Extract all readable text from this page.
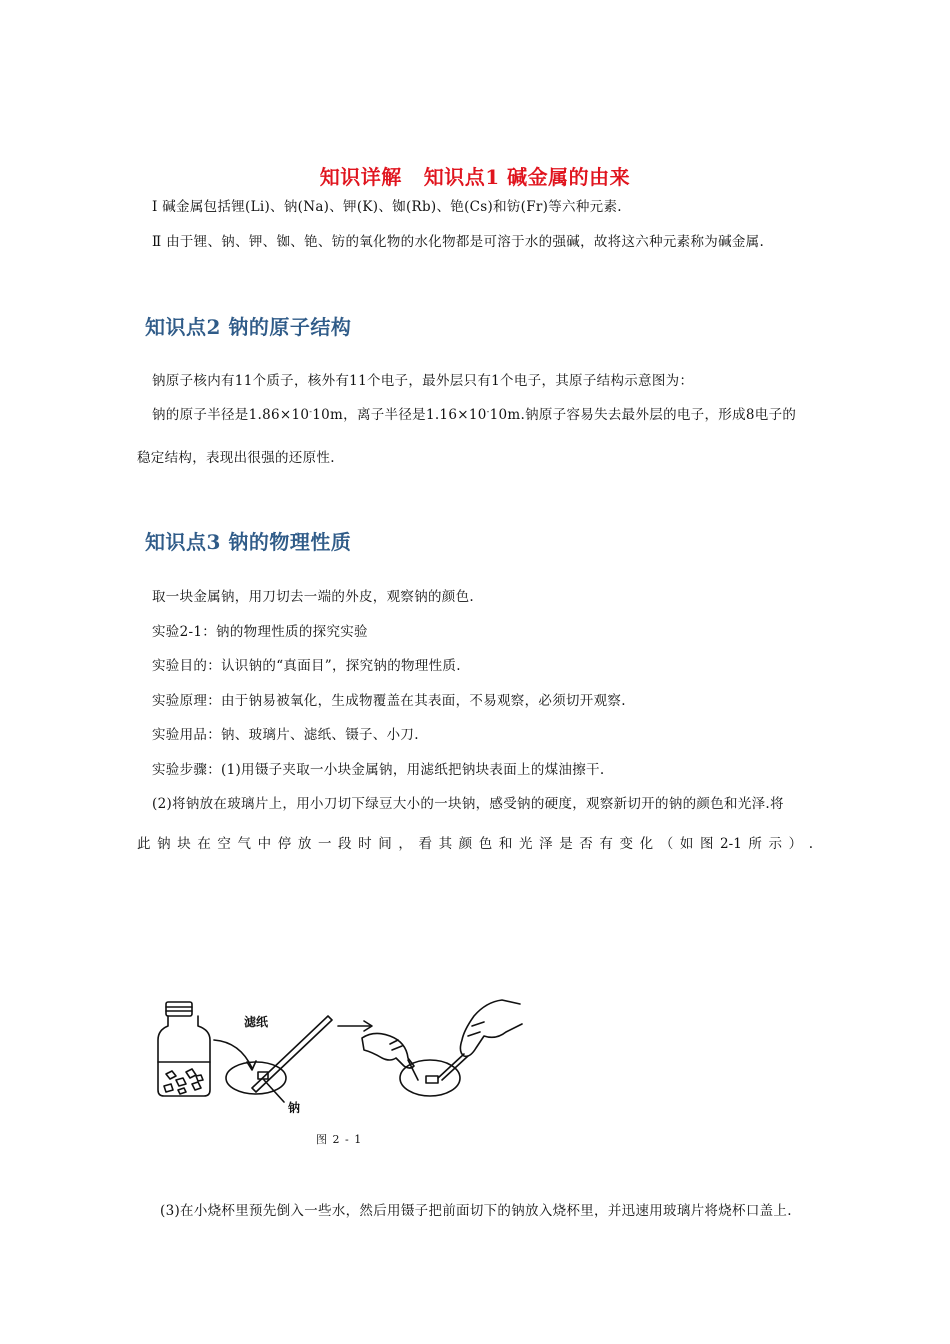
知识详解 知识点1 碱金属的由来
Ⅰ 碱金属包括锂(Li)、钠(Na)、钾(K)、铷(Rb)、铯(Cs)和钫(Fr)等六种元素.
Ⅱ 由于锂、钠、钾、铷、铯、钫的氧化物的水化物都是可溶于水的强碱，故将这六种元素称为碱金属.
知识点2 钠的原子结构
钠原子核内有11个质子，核外有11个电子，最外层只有1个电子，其原子结构示意图为：
钠的原子半径是1.86×10-10m，离子半径是1.16×10-10m.钠原子容易失去最外层的电子，形成8电子的
稳定结构，表现出很强的还原性.
知识点3 钠的物理性质
取一块金属钠，用刀切去一端的外皮，观察钠的颜色.
实验2-1：钠的物理性质的探究实验
实验目的：认识钠的“真面目”，探究钠的物理性质.
实验原理：由于钠易被氧化，生成物覆盖在其表面，不易观察，必须切开观察.
实验用品：钠、玻璃片、滤纸、镊子、小刀.
实验步骤：(1)用镊子夹取一小块金属钠，用滤纸把钠块表面上的煤油擦干.
(2)将钠放在玻璃片上，用小刀切下绿豆大小的一块钠，感受钠的硬度，观察新切开的钠的颜色和光泽.将
此钠块在空气中停放一段时间，看其颜色和光泽是否有变化（如图2-1所示）.
滤纸
钠
图 2 - 1
(3)在小烧杯里预先倒入一些水，然后用镊子把前面切下的钠放入烧杯里，并迅速用玻璃片将烧杯口盖上.
